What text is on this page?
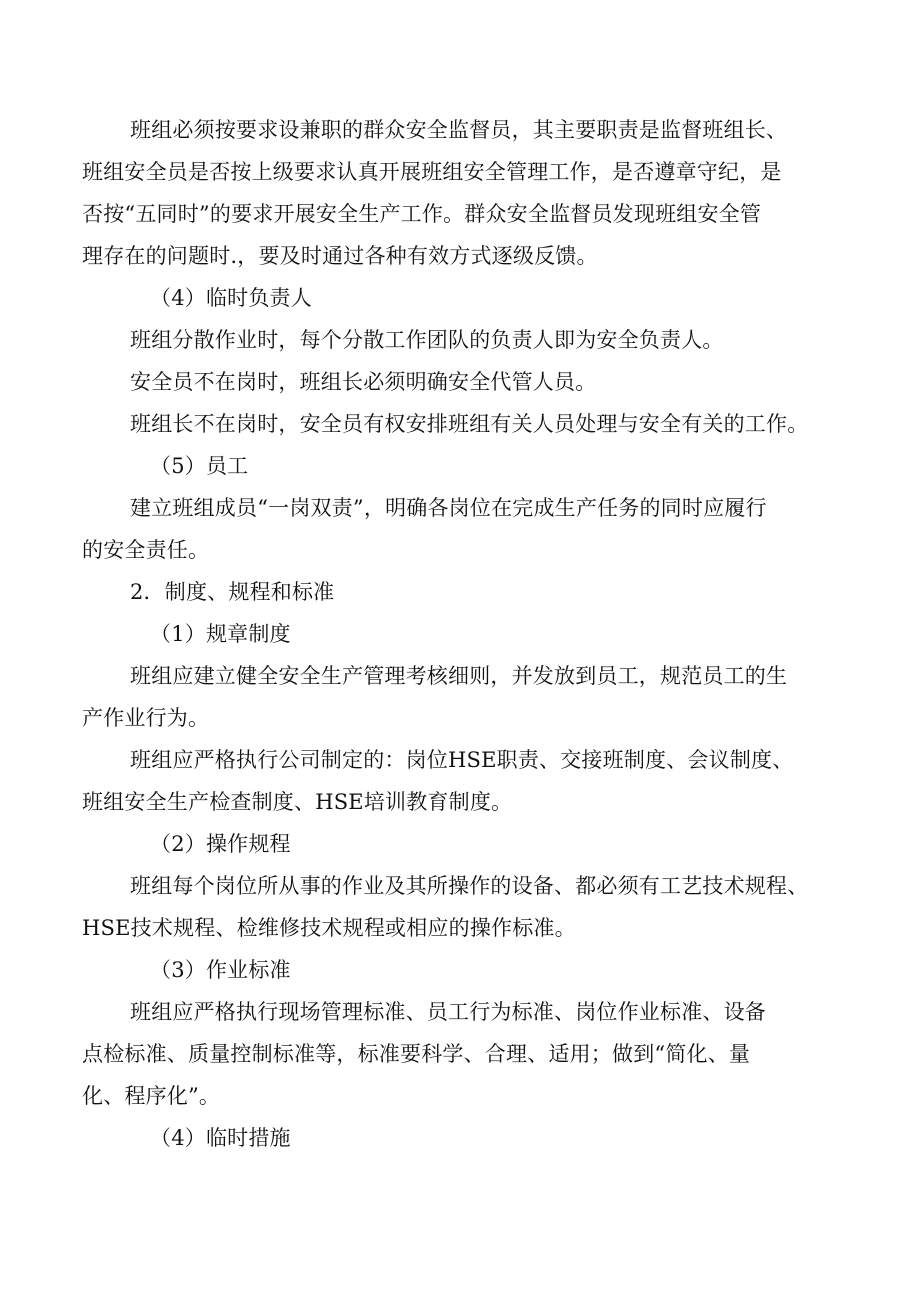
班组必须按要求设兼职的群众安全监督员，其主要职责是监督班组长、
班组安全员是否按上级要求认真开展班组安全管理工作，是否遵章守纪，是
否按“五同时”的要求开展安全生产工作。群众安全监督员发现班组安全管
理存在的问题时.，要及时通过各种有效方式逐级反馈。
（4）临时负责人
班组分散作业时，每个分散工作团队的负责人即为安全负责人。
安全员不在岗时，班组长必须明确安全代管人员。
班组长不在岗时，安全员有权安排班组有关人员处理与安全有关的工作。
（5）员工
建立班组成员“一岗双责”，明确各岗位在完成生产任务的同时应履行
的安全责任。
2．制度、规程和标准
（1）规章制度
班组应建立健全安全生产管理考核细则，并发放到员工，规范员工的生
产作业行为。
班组应严格执行公司制定的：岗位HSE职责、交接班制度、会议制度、
班组安全生产检查制度、HSE培训教育制度。
（2）操作规程
班组每个岗位所从事的作业及其所操作的设备、都必须有工艺技术规程、
HSE技术规程、检维修技术规程或相应的操作标准。
（3）作业标准
班组应严格执行现场管理标准、员工行为标准、岗位作业标准、设备
点检标准、质量控制标准等，标准要科学、合理、适用；做到“简化、量
化、程序化”。
（4）临时措施
